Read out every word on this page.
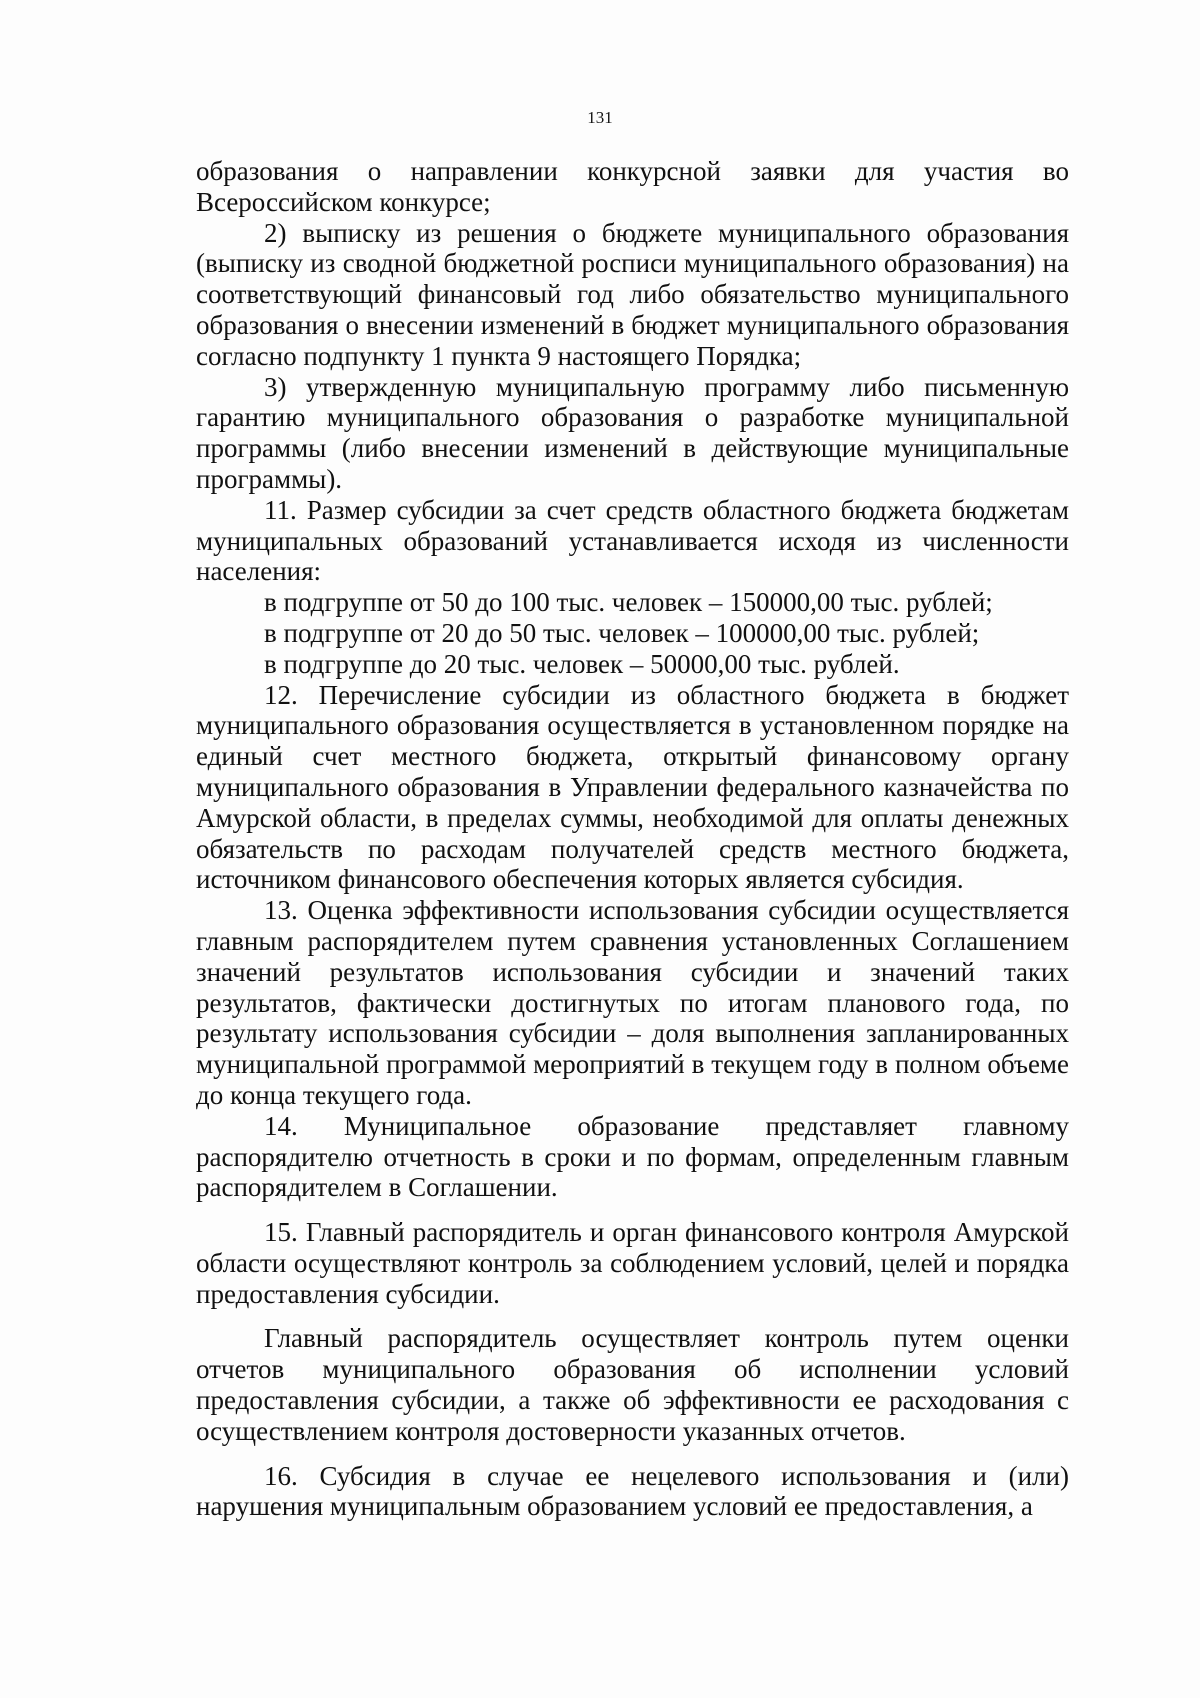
131

образования о направлении конкурсной заявки для участия во Всероссийском конкурсе;

2) выписку из решения о бюджете муниципального образования (выписку из сводной бюджетной росписи муниципального образования) на соответствующий финансовый год либо обязательство муниципального образования о внесении изменений в бюджет муниципального образования согласно подпункту 1 пункта 9 настоящего Порядка;

3) утвержденную муниципальную программу либо письменную гарантию муниципального образования о разработке муниципальной программы (либо внесении изменений в действующие муниципальные программы).

11. Размер субсидии за счет средств областного бюджета бюджетам муниципальных образований устанавливается исходя из численности населения:

в подгруппе от 50 до 100 тыс. человек – 150000,00 тыс. рублей;

в подгруппе от 20 до 50 тыс. человек – 100000,00 тыс. рублей;

в подгруппе до 20 тыс. человек – 50000,00 тыс. рублей.

12. Перечисление субсидии из областного бюджета в бюджет муниципального образования осуществляется в установленном порядке на единый счет местного бюджета, открытый финансовому органу муниципального образования в Управлении федерального казначейства по Амурской области, в пределах суммы, необходимой для оплаты денежных обязательств по расходам получателей средств местного бюджета, источником финансового обеспечения которых является субсидия.

13. Оценка эффективности использования субсидии осуществляется главным распорядителем путем сравнения установленных Соглашением значений результатов использования субсидии и значений таких результатов, фактически достигнутых по итогам планового года, по результату использования субсидии – доля выполнения запланированных муниципальной программой мероприятий в текущем году в полном объеме до конца текущего года.

14. Муниципальное образование представляет главному распорядителю отчетность в сроки и по формам, определенным главным распорядителем в Соглашении.

15. Главный распорядитель и орган финансового контроля Амурской области осуществляют контроль за соблюдением условий, целей и порядка предоставления субсидии.

Главный распорядитель осуществляет контроль путем оценки отчетов муниципального образования об исполнении условий предоставления субсидии, а также об эффективности ее расходования с осуществлением контроля достоверности указанных отчетов.

16. Субсидия в случае ее нецелевого использования и (или) нарушения муниципальным образованием условий ее предоставления, а
